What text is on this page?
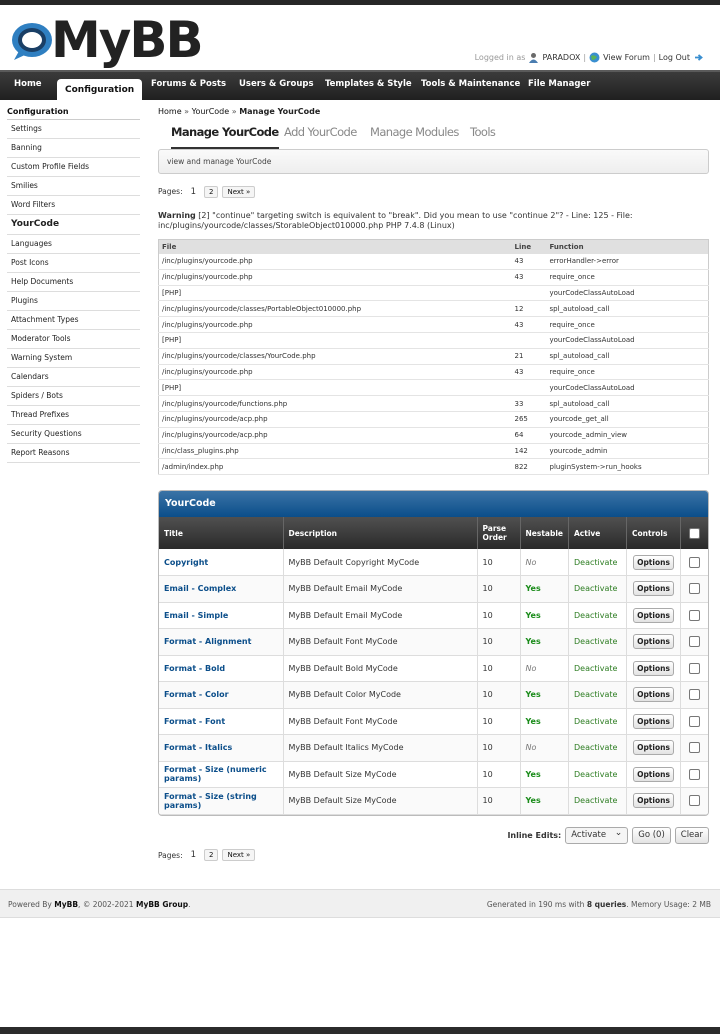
MyBB	Logged in as PARADOX | View Forum | Log Out
Home
Configuration
Forums & Posts Users & Groups Templates & Style Tools & Maintenance File Manager
Configuration
Settings
Banning
Custom Profile Fields
Smilies
Word Filters
YourCode
Languages
Post Icons
Help Documents
Plugins
Attachment Types
Moderator Tools
Warning System
Calendars
Spiders / Bots
Thread Prefixes
Security Questions
Report Reasons
Home » YourCode » Manage YourCode
Manage YourCode Add YourCode Manage Modules Tools
view and manage YourCode
Pages: 1	2	Next »
Warning [2] "continue" targeting switch is equivalent to "break". Did you mean to use "continue 2"? - Line: 125 - File: inc/plugins/yourcode/classes/StorableObject010000.php PHP 7.4.8 (Linux)
File	Line	Function
/inc/plugins/yourcode.php	43	errorHandler->error
/inc/plugins/yourcode.php	43	require_once
[PHP]		yourCodeClassAutoLoad
/inc/plugins/yourcode/classes/PortableObject010000.php	12	spl_autoload_call
/inc/plugins/yourcode.php	43	require_once
[PHP]		yourCodeClassAutoLoad
/inc/plugins/yourcode/classes/YourCode.php	21	spl_autoload_call
/inc/plugins/yourcode.php	43	require_once
[PHP]		yourCodeClassAutoLoad
/inc/plugins/yourcode/functions.php	33	spl_autoload_call
/inc/plugins/yourcode/acp.php	265	yourcode_get_all
/inc/plugins/yourcode/acp.php	64	yourcode_admin_view
/inc/class_plugins.php	142	yourcode_admin
/admin/index.php	822	pluginSystem->run_hooks
YourCode
Title	Description	Parse Order	Nestable	Active	Controls	
Copyright	MyBB Default Copyright MyCode	10	No	Deactivate	Options	
Email - Complex	MyBB Default Email MyCode	10	Yes	Deactivate	Options	
Email - Simple	MyBB Default Email MyCode	10	Yes	Deactivate	Options	
Format - Alignment	MyBB Default Font MyCode	10	Yes	Deactivate	Options	
Format - Bold	MyBB Default Bold MyCode	10	No	Deactivate	Options	
Format - Color	MyBB Default Color MyCode	10	Yes	Deactivate	Options	
Format - Font	MyBB Default Font MyCode	10	Yes	Deactivate	Options	
Format - Italics	MyBB Default Italics MyCode	10	No	Deactivate	Options	
Format - Size (numeric params)	MyBB Default Size MyCode	10	Yes	Deactivate	Options	
Format - Size (string params)	MyBB Default Size MyCode	10	Yes	Deactivate	Options	
Inline Edits:	Activate ⌄	Go (0)	Clear
Pages: 1	2	Next »
Powered By MyBB, © 2002-2021 MyBB Group.	Generated in 190 ms with 8 queries. Memory Usage: 2 MB
